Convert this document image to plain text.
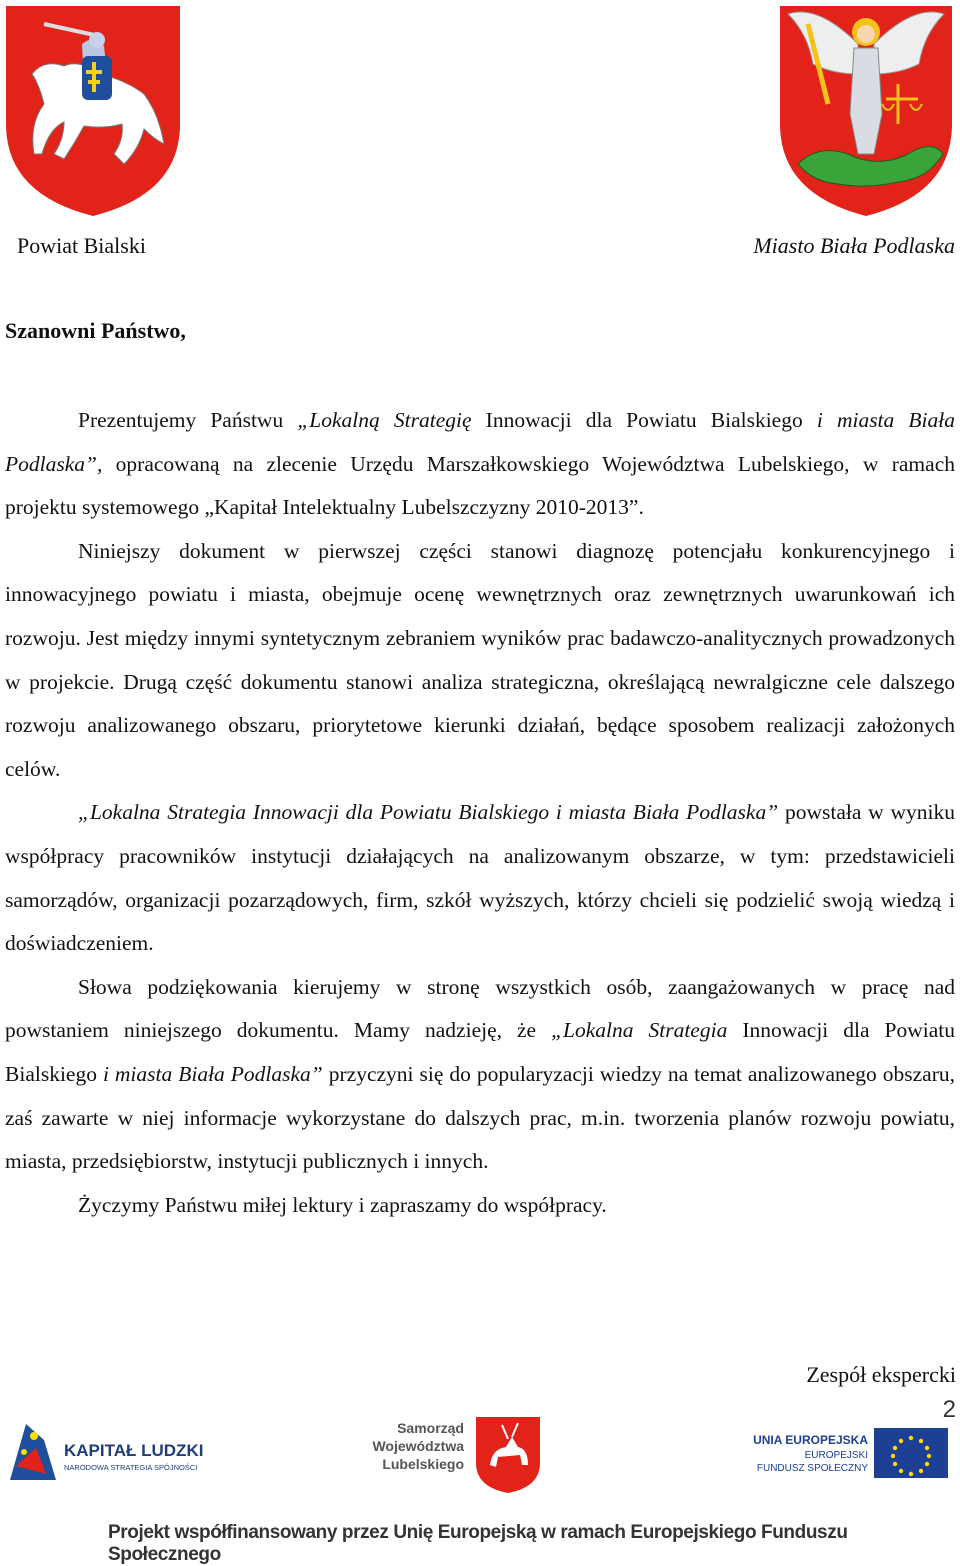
Powiat Bialski	Miasto Biała Podlaska
Szanowni Państwo,

Prezentujemy Państwu „Lokalną Strategię Innowacji dla Powiatu Bialskiego i miasta Biała Podlaska”, opracowaną na zlecenie Urzędu Marszałkowskiego Województwa Lubelskiego, w ramach projektu systemowego „Kapitał Intelektualny Lubelszczyzny 2010-2013”.

Niniejszy dokument w pierwszej części stanowi diagnozę potencjału konkurencyjnego i innowacyjnego powiatu i miasta, obejmuje ocenę wewnętrznych oraz zewnętrznych uwarunkowań ich rozwoju. Jest między innymi syntetycznym zebraniem wyników prac badawczo-analitycznych prowadzonych w projekcie. Drugą część dokumentu stanowi analiza strategiczna, określającą newralgiczne cele dalszego rozwoju analizowanego obszaru, priorytetowe kierunki działań, będące sposobem realizacji założonych celów.

„Lokalna Strategia Innowacji dla Powiatu Bialskiego i miasta Biała Podlaska” powstała w wyniku współpracy pracowników instytucji działających na analizowanym obszarze, w tym: przedstawicieli samorządów, organizacji pozarządowych, firm, szkół wyższych, którzy chcieli się podzielić swoją wiedzą i doświadczeniem.

Słowa podziękowania kierujemy w stronę wszystkich osób, zaangażowanych w pracę nad powstaniem niniejszego dokumentu. Mamy nadzieję, że „Lokalna Strategia Innowacji dla Powiatu Bialskiego i miasta Biała Podlaska” przyczyni się do popularyzacji wiedzy na temat analizowanego obszaru, zaś zawarte w niej informacje wykorzystane do dalszych prac, m.in. tworzenia planów rozwoju powiatu, miasta, przedsiębiorstw, instytucji publicznych i innych.

Życzymy Państwu miłej lektury i zapraszamy do współpracy.

Zespół ekspercki
2
KAPITAŁ LUDZKI
NARODOWA STRATEGIA SPÓJNOŚCI
Samorząd
Województwa
Lubelskiego
UNIA EUROPEJSKA
EUROPEJSKI
FUNDUSZ SPOŁECZNY
Projekt współfinansowany przez Unię Europejską w ramach Europejskiego Funduszu Społecznego
